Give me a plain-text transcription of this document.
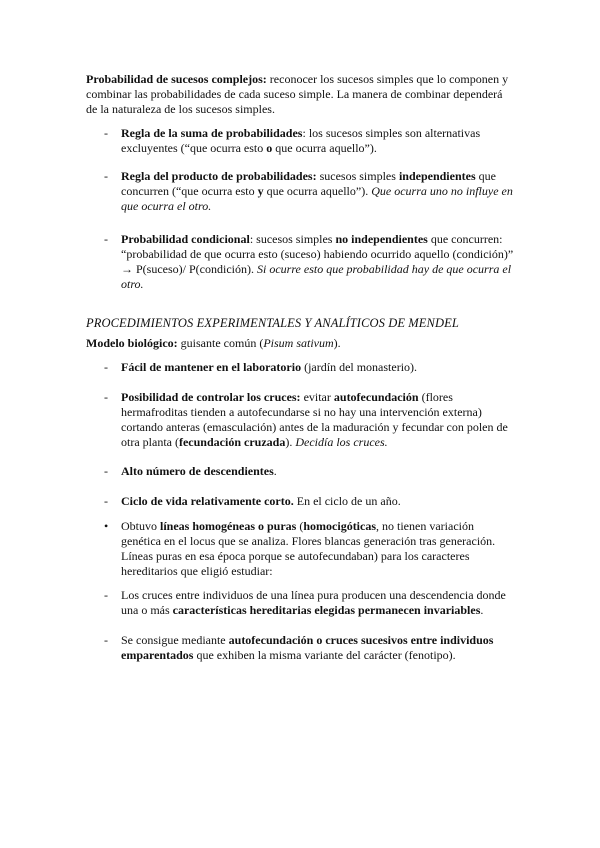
Probabilidad de sucesos complejos: reconocer los sucesos simples que lo componen y combinar las probabilidades de cada suceso simple. La manera de combinar dependerá de la naturaleza de los sucesos simples.
-	Regla de la suma de probabilidades: los sucesos simples son alternativas excluyentes (“que ocurra esto o que ocurra aquello”).
-	Regla del producto de probabilidades: sucesos simples independientes que concurren (“que ocurra esto y que ocurra aquello”). Que ocurra uno no influye en que ocurra el otro.
-	Probabilidad condicional: sucesos simples no independientes que concurren: “probabilidad de que ocurra esto (suceso) habiendo ocurrido aquello (condición)” → P(suceso)/ P(condición). Si ocurre esto que probabilidad hay de que ocurra el otro.
PROCEDIMIENTOS EXPERIMENTALES Y ANALÍTICOS DE MENDEL
Modelo biológico: guisante común (Pisum sativum).
-	Fácil de mantener en el laboratorio (jardín del monasterio).
-	Posibilidad de controlar los cruces: evitar autofecundación (flores hermafroditas tienden a autofecundarse si no hay una intervención externa) cortando anteras (emasculación) antes de la maduración y fecundar con polen de otra planta (fecundación cruzada). Decidía los cruces.
-	Alto número de descendientes.
-	Ciclo de vida relativamente corto. En el ciclo de un año.
•	Obtuvo líneas homogéneas o puras (homocigóticas, no tienen variación genética en el locus que se analiza. Flores blancas generación tras generación. Líneas puras en esa época porque se autofecundaban) para los caracteres hereditarios que eligió estudiar:
-	Los cruces entre individuos de una línea pura producen una descendencia donde una o más características hereditarias elegidas permanecen invariables.
-	Se consigue mediante autofecundación o cruces sucesivos entre individuos emparentados que exhiben la misma variante del carácter (fenotipo).
